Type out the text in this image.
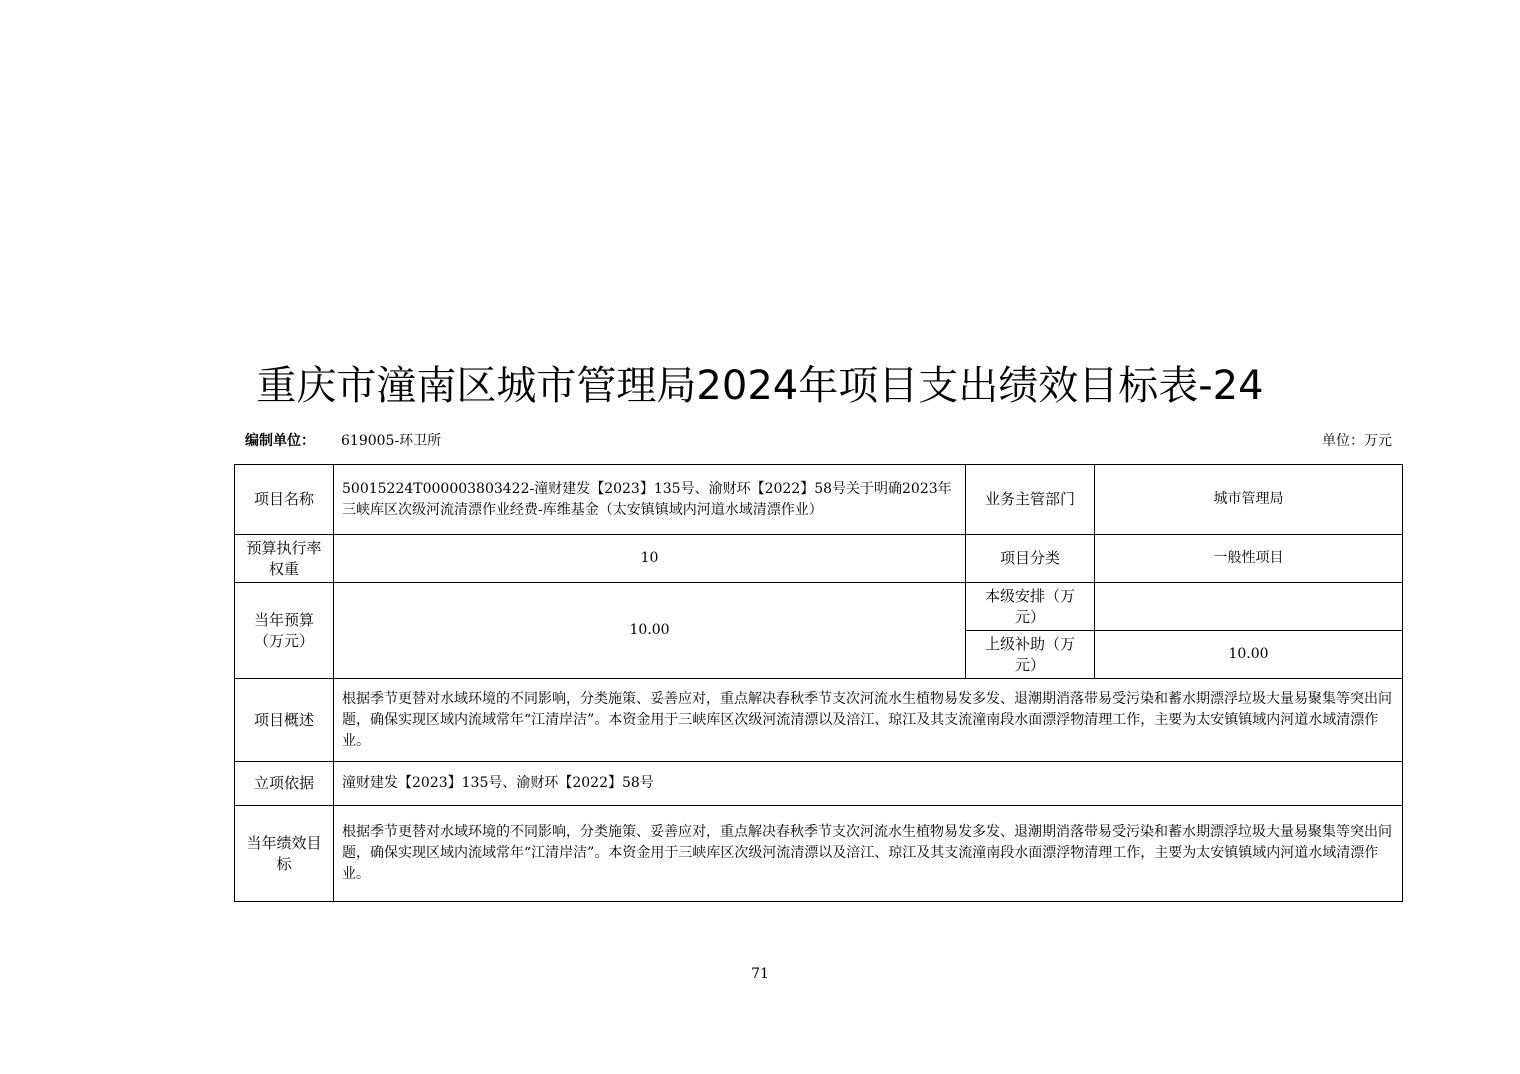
重庆市潼南区城市管理局2024年项目支出绩效目标表-24
编制单位： 619005-环卫所	单位：万元
项目名称	50015224T000003803422-潼财建发【2023】135号、渝财环【2022】58号关于明确2023年三峡库区次级河流清漂作业经费-库维基金（太安镇镇域内河道水域清漂作业）	业务主管部门	城市管理局
预算执行率权重	10	项目分类	一般性项目
当年预算（万元）	10.00	本级安排（万元）	
		上级补助（万元）	10.00
项目概述	根据季节更替对水域环境的不同影响，分类施策、妥善应对，重点解决春秋季节支次河流水生植物易发多发、退潮期消落带易受污染和蓄水期漂浮垃圾大量易聚集等突出问题，确保实现区域内流域常年“江清岸洁”。本资金用于三峡库区次级河流清漂以及涪江、琼江及其支流潼南段水面漂浮物清理工作，主要为太安镇镇域内河道水域清漂作业。		
立项依据	潼财建发【2023】135号、渝财环【2022】58号		
当年绩效目标	根据季节更替对水域环境的不同影响，分类施策、妥善应对，重点解决春秋季节支次河流水生植物易发多发、退潮期消落带易受污染和蓄水期漂浮垃圾大量易聚集等突出问题，确保实现区域内流域常年“江清岸洁”。本资金用于三峡库区次级河流清漂以及涪江、琼江及其支流潼南段水面漂浮物清理工作，主要为太安镇镇域内河道水域清漂作业。		
71
